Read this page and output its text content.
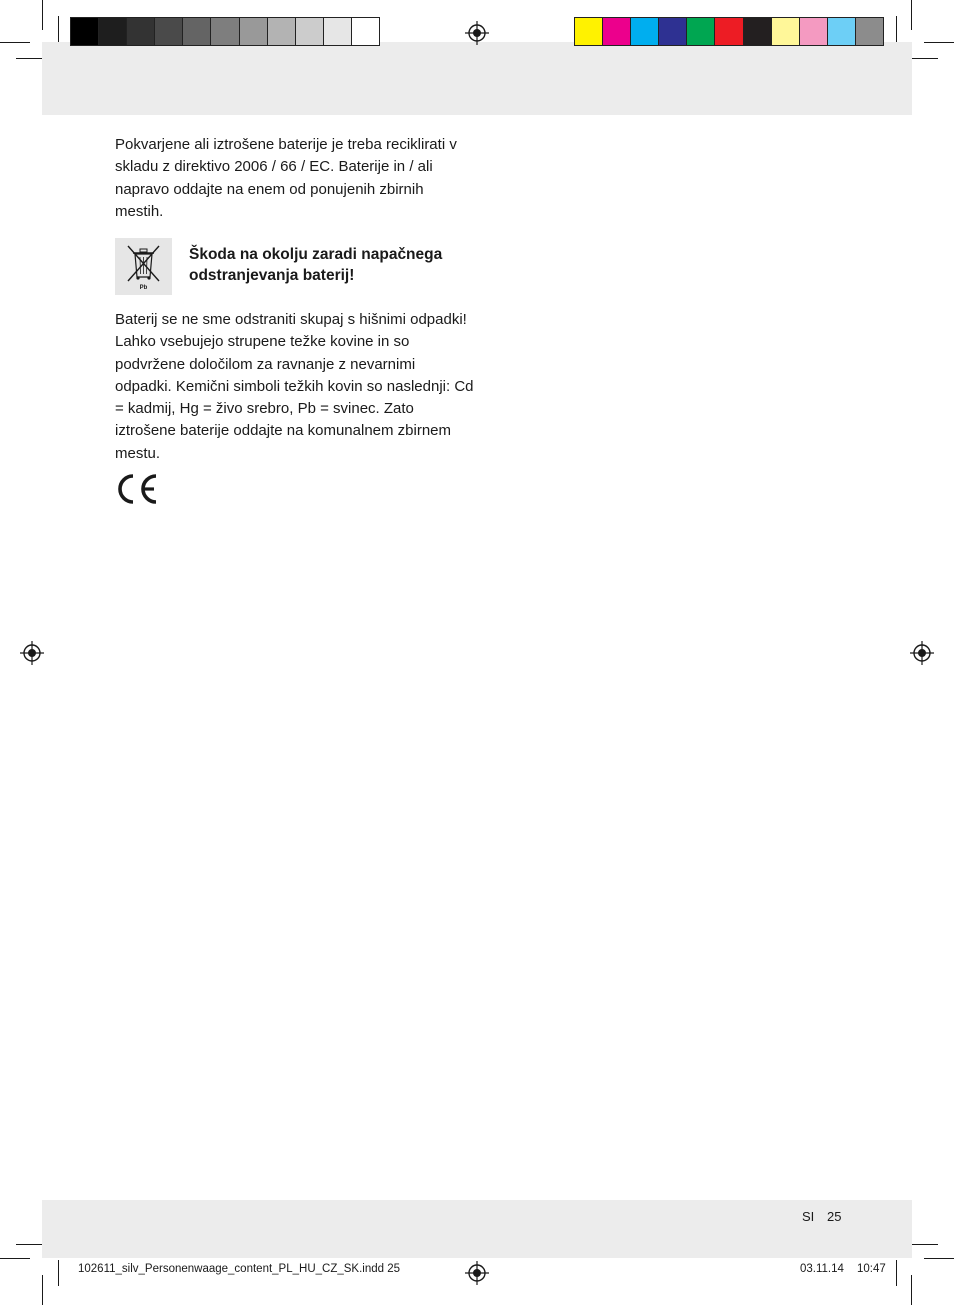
Pokvarjene ali iztrošene baterije je treba reciklirati v skladu z direktivo 2006 / 66 / EC. Baterije in / ali napravo oddajte na enem od ponujenih zbirnih mestih.

Pb

Škoda na okolju zaradi napačnega odstranjevanja baterij!

Baterij se ne sme odstraniti skupaj s hišnimi odpadki! Lahko vsebujejo strupene težke kovine in so podvržene določilom za ravnanje z nevarnimi odpadki. Kemični simboli težkih kovin so naslednji: Cd = kadmij, Hg = živo srebro, Pb = svinec. Zato iztrošene baterije oddajte na komunalnem zbirnem mestu.

SI 25
102611_silv_Personenwaage_content_PL_HU_CZ_SK.indd 25	03.11.14 10:47
